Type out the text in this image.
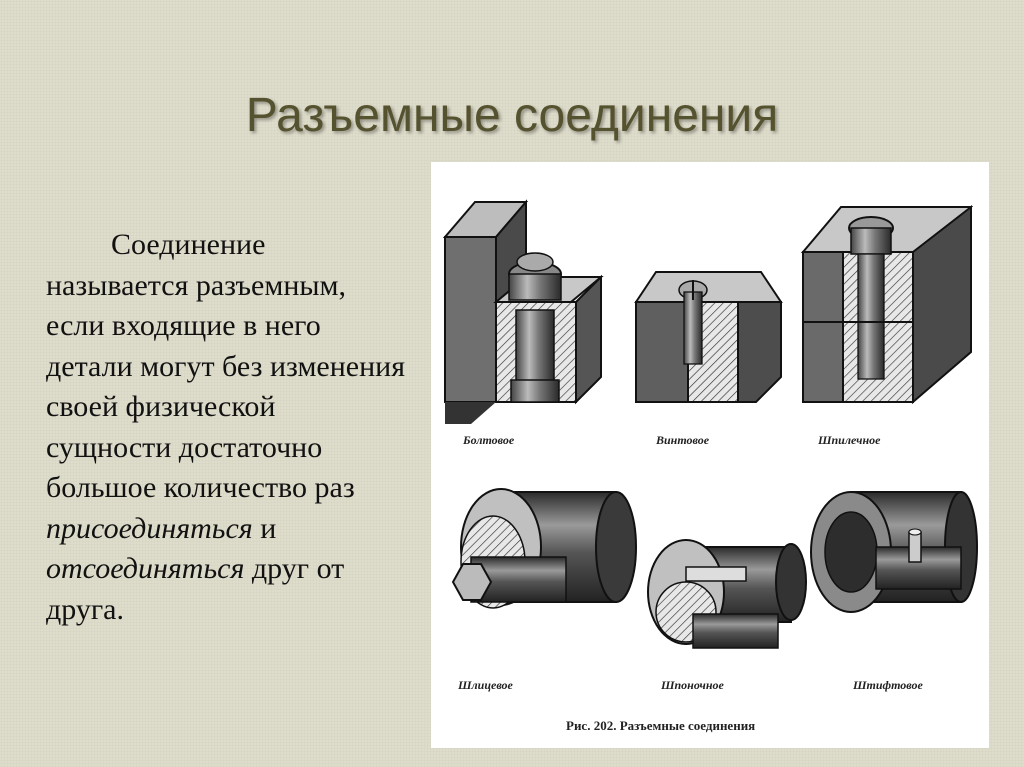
Разъемные соединения

Соединение называется разъемным, если входящие в него детали могут без изменения своей физической сущности достаточно большое количество раз присоединяться и отсоединяться друг от друга.

Болтовое	Винтовое	Шпилечное
Шлицевое	Шпоночное	Штифтовое
Рис. 202. Разъемные соединения
